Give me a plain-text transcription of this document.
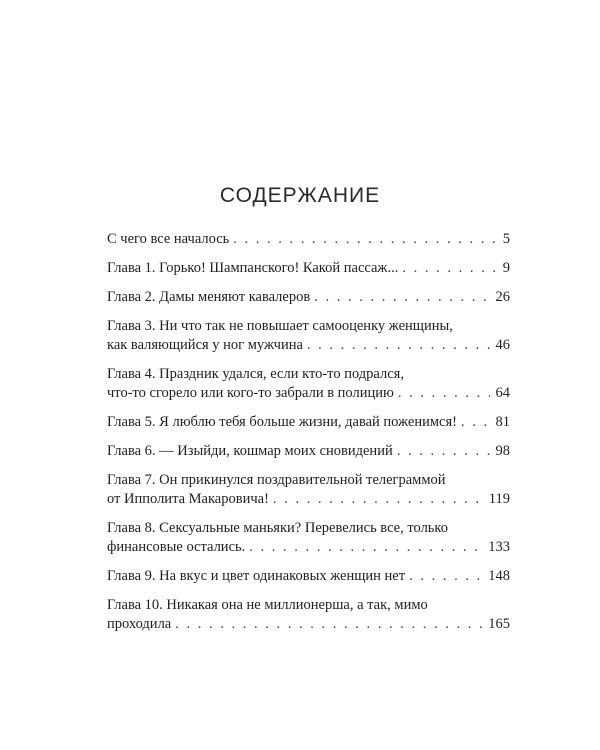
СОДЕРЖАНИЕ
С чего все началось . . .	5
Глава 1. Горько! Шампанского! Какой пассаж... . . .	9
Глава 2. Дамы меняют кавалеров . . .	26
Глава 3. Ни что так не повышает самооценку женщины,
как валяющийся у ног мужчина . . .	46
Глава 4. Праздник удался, если кто-то подрался,
что-то сгорело или кого-то забрали в полицию . . .	64
Глава 5. Я люблю тебя больше жизни, давай поженимся! . . .	81
Глава 6. — Изыйди, кошмар моих сновидений . . .	98
Глава 7. Он прикинулся поздравительной телеграммой
от Ипполита Макаровича! . . .	119
Глава 8. Сексуальные маньяки? Перевелись все, только
финансовые остались. . . .	133
Глава 9. На вкус и цвет одинаковых женщин нет . . .	148
Глава 10. Никакая она не миллионерша, а так, мимо
проходила . . .	165
